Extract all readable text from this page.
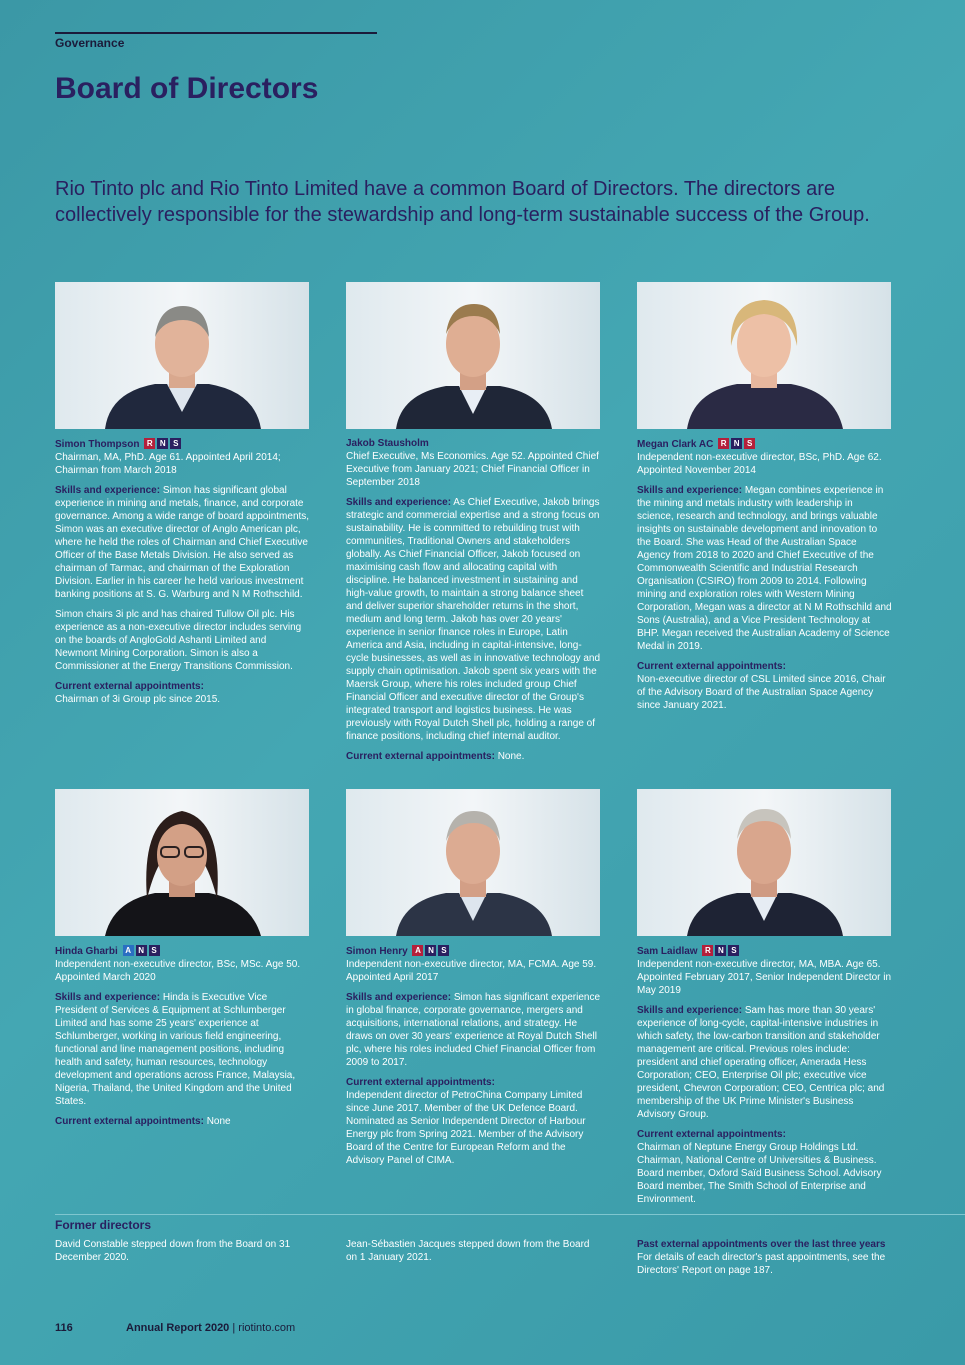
Governance
Board of Directors
Rio Tinto plc and Rio Tinto Limited have a common Board of Directors. The directors are collectively responsible for the stewardship and long-term sustainable success of the Group.
Simon Thompson R N S
Chairman, MA, PhD. Age 61. Appointed April 2014; Chairman from March 2018
Skills and experience: Simon has significant global experience in mining and metals, finance, and corporate governance. Among a wide range of board appointments, Simon was an executive director of Anglo American plc, where he held the roles of Chairman and Chief Executive Officer of the Base Metals Division. He also served as chairman of Tarmac, and chairman of the Exploration Division. Earlier in his career he held various investment banking positions at S. G. Warburg and N M Rothschild.
Simon chairs 3i plc and has chaired Tullow Oil plc. His experience as a non-executive director includes serving on the boards of AngloGold Ashanti Limited and Newmont Mining Corporation. Simon is also a Commissioner at the Energy Transitions Commission.
Current external appointments:
Chairman of 3i Group plc since 2015.
Jakob Stausholm
Chief Executive, Ms Economics. Age 52. Appointed Chief Executive from January 2021; Chief Financial Officer in September 2018
Skills and experience: As Chief Executive, Jakob brings strategic and commercial expertise and a strong focus on sustainability. He is committed to rebuilding trust with communities, Traditional Owners and stakeholders globally. As Chief Financial Officer, Jakob focused on maximising cash flow and allocating capital with discipline. He balanced investment in sustaining and high-value growth, to maintain a strong balance sheet and deliver superior shareholder returns in the short, medium and long term. Jakob has over 20 years' experience in senior finance roles in Europe, Latin America and Asia, including in capital-intensive, long-cycle businesses, as well as in innovative technology and supply chain optimisation. Jakob spent six years with the Maersk Group, where his roles included group Chief Financial Officer and executive director of the Group's integrated transport and logistics business. He was previously with Royal Dutch Shell plc, holding a range of finance positions, including chief internal auditor.
Current external appointments: None.
Megan Clark AC R N S
Independent non-executive director, BSc, PhD. Age 62. Appointed November 2014
Skills and experience: Megan combines experience in the mining and metals industry with leadership in science, research and technology, and brings valuable insights on sustainable development and innovation to the Board. She was Head of the Australian Space Agency from 2018 to 2020 and Chief Executive of the Commonwealth Scientific and Industrial Research Organisation (CSIRO) from 2009 to 2014. Following mining and exploration roles with Western Mining Corporation, Megan was a director at N M Rothschild and Sons (Australia), and a Vice President Technology at BHP. Megan received the Australian Academy of Science Medal in 2019.
Current external appointments:
Non-executive director of CSL Limited since 2016, Chair of the Advisory Board of the Australian Space Agency since January 2021.
Hinda Gharbi A N S
Independent non-executive director, BSc, MSc. Age 50. Appointed March 2020
Skills and experience: Hinda is Executive Vice President of Services & Equipment at Schlumberger Limited and has some 25 years' experience at Schlumberger, working in various field engineering, functional and line management positions, including health and safety, human resources, technology development and operations across France, Malaysia, Nigeria, Thailand, the United Kingdom and the United States.
Current external appointments: None
Simon Henry A N S
Independent non-executive director, MA, FCMA. Age 59. Appointed April 2017
Skills and experience: Simon has significant experience in global finance, corporate governance, mergers and acquisitions, international relations, and strategy. He draws on over 30 years' experience at Royal Dutch Shell plc, where his roles included Chief Financial Officer from 2009 to 2017.
Current external appointments:
Independent director of PetroChina Company Limited since June 2017. Member of the UK Defence Board. Nominated as Senior Independent Director of Harbour Energy plc from Spring 2021. Member of the Advisory Board of the Centre for European Reform and the Advisory Panel of CIMA.
Sam Laidlaw R N S
Independent non-executive director, MA, MBA. Age 65. Appointed February 2017, Senior Independent Director in May 2019
Skills and experience: Sam has more than 30 years' experience of long-cycle, capital-intensive industries in which safety, the low-carbon transition and stakeholder management are critical. Previous roles include: president and chief operating officer, Amerada Hess Corporation; CEO, Enterprise Oil plc; executive vice president, Chevron Corporation; CEO, Centrica plc; and membership of the UK Prime Minister's Business Advisory Group.
Current external appointments:
Chairman of Neptune Energy Group Holdings Ltd. Chairman, National Centre of Universities & Business. Board member, Oxford Saïd Business School. Advisory Board member, The Smith School of Enterprise and Environment.
Former directors
David Constable stepped down from the Board on 31 December 2020.
Jean-Sébastien Jacques stepped down from the Board on 1 January 2021.
Past external appointments over the last three years
For details of each director's past appointments, see the Directors' Report on page 187.
116	Annual Report 2020 | riotinto.com
